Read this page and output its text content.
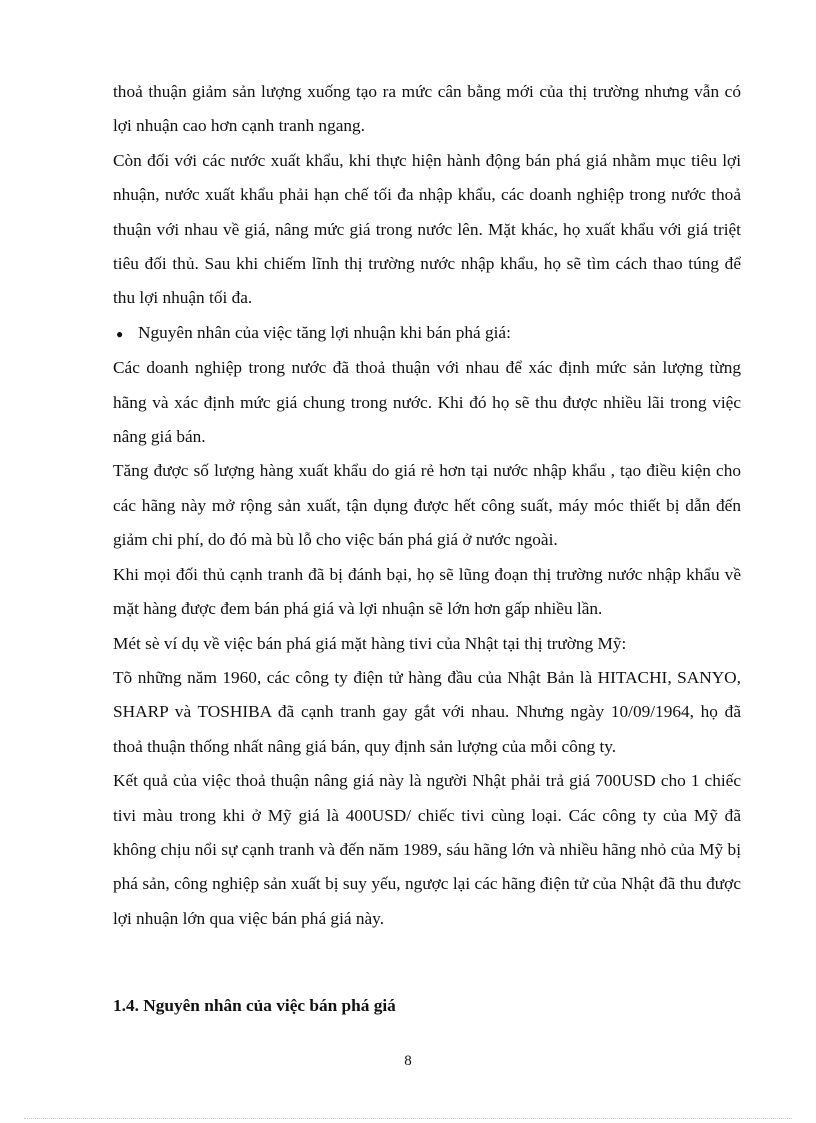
thoả thuận giảm sản lượng xuống tạo ra mức cân bằng mới của thị trường nhưng vẫn có lợi nhuận cao hơn cạnh tranh ngang.

Còn đối với các nước xuất khẩu, khi thực hiện hành động bán phá giá nhằm mục tiêu lợi nhuận, nước xuất khẩu phải hạn chế tối đa nhập khẩu, các doanh nghiệp trong nước thoả thuận với nhau về giá, nâng mức giá trong nước lên. Mặt khác, họ xuất khẩu với giá triệt tiêu đối thủ. Sau khi chiếm lĩnh thị trường nước nhập khẩu, họ sẽ tìm cách thao túng để thu lợi nhuận tối đa.

● Nguyên nhân của việc tăng lợi nhuận khi bán phá giá:

Các doanh nghiệp trong nước đã thoả thuận với nhau để xác định mức sản lượng từng hãng và xác định mức giá chung trong nước. Khi đó họ sẽ thu được nhiều lãi trong việc nâng giá bán.

Tăng được số lượng hàng xuất khẩu do giá rẻ hơn tại nước nhập khẩu , tạo điều kiện cho các hãng này mở rộng sản xuất, tận dụng được hết công suất, máy móc thiết bị dẫn đến giảm chi phí, do đó mà bù lỗ cho việc bán phá giá ở nước ngoài.

Khi mọi đối thủ cạnh tranh đã bị đánh bại, họ sẽ lũng đoạn thị trường nước nhập khẩu về mặt hàng được đem bán phá giá và lợi nhuận sẽ lớn hơn gấp nhiều lần.

Mét sè ví dụ về việc bán phá giá mặt hàng tivi của Nhật tại thị trường Mỹ:

Tõ những năm 1960, các công ty điện tử hàng đầu của Nhật Bản là HITACHI, SANYO, SHARP và TOSHIBA đã cạnh tranh gay gắt với nhau. Nhưng ngày 10/09/1964, họ đã thoả thuận thống nhất nâng giá bán, quy định sản lượng của mỗi công ty.

Kết quả của việc thoả thuận nâng giá này là người Nhật phải trả giá 700USD cho 1 chiếc tivi màu trong khi ở Mỹ giá là 400USD/ chiếc tivi cùng loại. Các công ty của Mỹ đã không chịu nổi sự cạnh tranh và đến năm 1989, sáu hãng lớn và nhiều hãng nhỏ của Mỹ bị phá sản, công nghiệp sản xuất bị suy yếu, ngược lại các hãng điện tử của Nhật đã thu được lợi nhuận lớn qua việc bán phá giá này.

1.4. Nguyên nhân của việc bán phá giá
8
